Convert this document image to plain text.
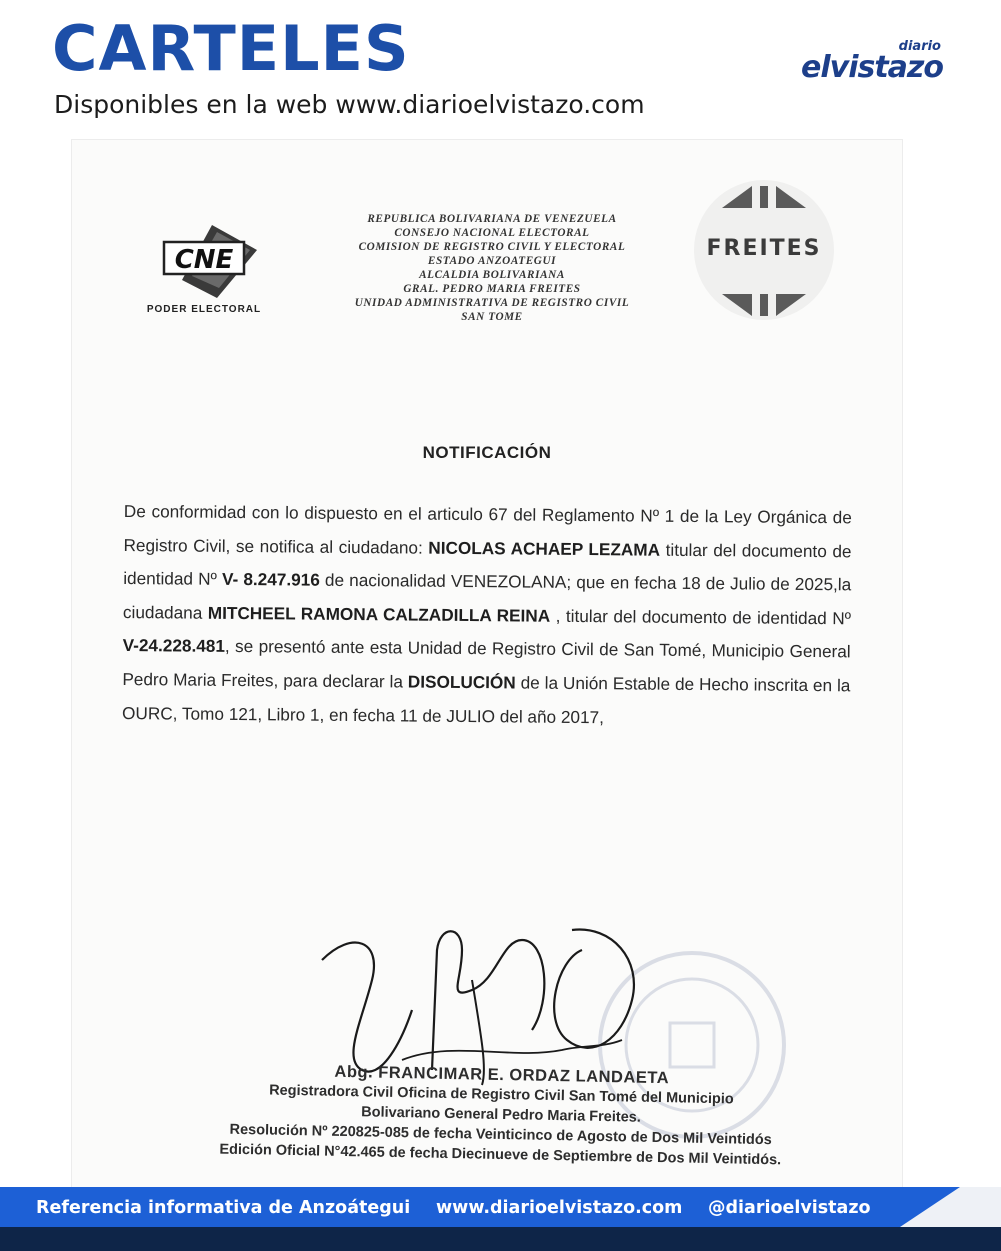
CARTELES
Disponibles en la web www.diarioelvistazo.com
diario
elvistazo
CNE
PODER ELECTORAL
REPUBLICA BOLIVARIANA DE VENEZUELA
CONSEJO NACIONAL ELECTORAL
COMISION DE REGISTRO CIVIL Y ELECTORAL
ESTADO ANZOATEGUI
ALCALDIA BOLIVARIANA
GRAL. PEDRO MARIA FREITES
UNIDAD ADMINISTRATIVA DE REGISTRO CIVIL
SAN TOME
FREITES
NOTIFICACIÓN
De conformidad con lo dispuesto en el articulo 67 del Reglamento Nº 1 de la Ley Orgánica de Registro Civil, se notifica al ciudadano: NICOLAS ACHAEP LEZAMA titular del documento de identidad Nº V- 8.247.916 de nacionalidad VENEZOLANA; que en fecha 18 de Julio de 2025,la ciudadana MITCHEEL RAMONA CALZADILLA REINA , titular del documento de identidad Nº V-24.228.481, se presentó ante esta Unidad de Registro Civil de San Tomé, Municipio General Pedro Maria Freites, para declarar la DISOLUCIÓN de la Unión Estable de Hecho inscrita en la OURC, Tomo 121, Libro 1, en fecha 11 de JULIO del año 2017,
Abg. FRANCIMAR E. ORDAZ LANDAETA
Registradora Civil Oficina de Registro Civil San Tomé del Municipio
Bolivariano General Pedro Maria Freites.
Resolución Nº 220825-085 de fecha Veinticinco de Agosto de Dos Mil Veintidós
Edición Oficial N°42.465 de fecha Diecinueve de Septiembre de Dos Mil Veintidós.
Referencia informativa de Anzoátegui www.diarioelvistazo.com @diarioelvistazo
